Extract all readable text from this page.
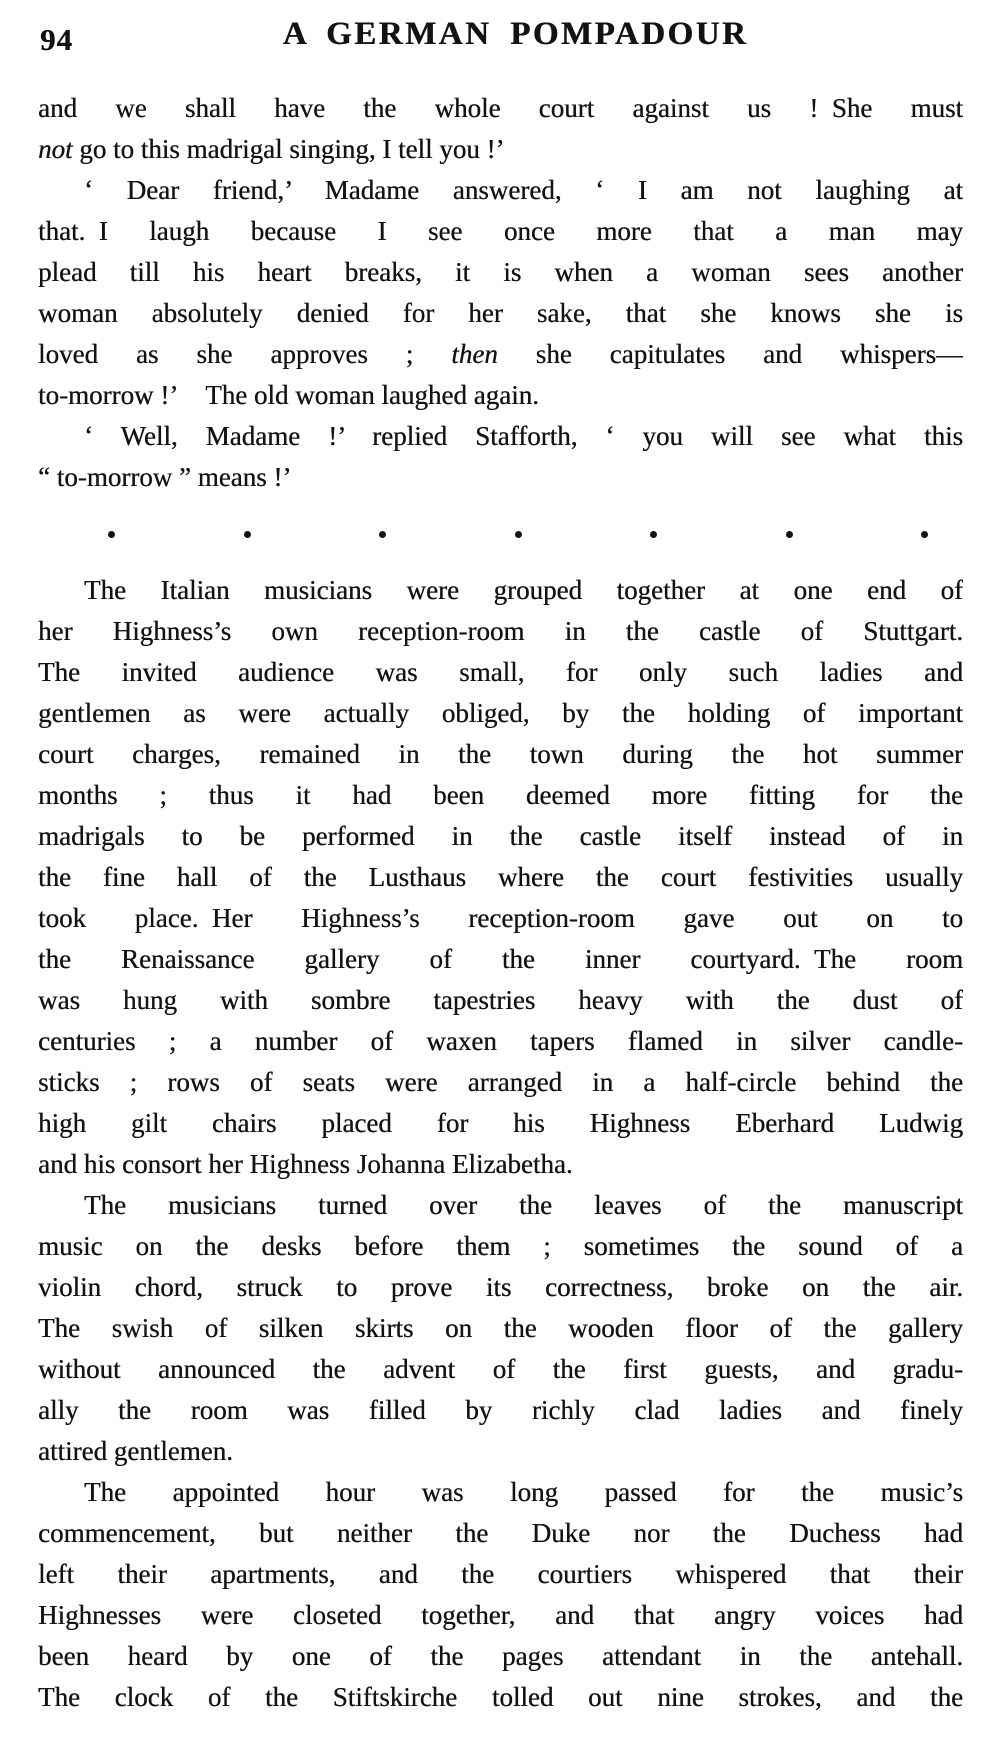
94	A GERMAN POMPADOUR
and we shall have the whole court against us ! She must
not go to this madrigal singing, I tell you !’
‘ Dear friend,’ Madame answered, ‘ I am not laughing at
that. I laugh because I see once more that a man may
plead till his heart breaks, it is when a woman sees another
woman absolutely denied for her sake, that she knows she is
loved as she approves ; then she capitulates and whispers—
to-morrow !’  The old woman laughed again.
‘ Well, Madame !’ replied Stafforth, ‘ you will see what this
“ to-morrow ” means !’
The Italian musicians were grouped together at one end of
her Highness’s own reception-room in the castle of Stuttgart.
The invited audience was small, for only such ladies and
gentlemen as were actually obliged, by the holding of important
court charges, remained in the town during the hot summer
months ; thus it had been deemed more fitting for the
madrigals to be performed in the castle itself instead of in
the fine hall of the Lusthaus where the court festivities usually
took place. Her Highness’s reception-room gave out on to
the Renaissance gallery of the inner courtyard. The room
was hung with sombre tapestries heavy with the dust of
centuries ; a number of waxen tapers flamed in silver candle-
sticks ; rows of seats were arranged in a half-circle behind the
high gilt chairs placed for his Highness Eberhard Ludwig
and his consort her Highness Johanna Elizabetha.
The musicians turned over the leaves of the manuscript
music on the desks before them ; sometimes the sound of a
violin chord, struck to prove its correctness, broke on the air.
The swish of silken skirts on the wooden floor of the gallery
without announced the advent of the first guests, and gradu-
ally the room was filled by richly clad ladies and finely
attired gentlemen.
The appointed hour was long passed for the music’s
commencement, but neither the Duke nor the Duchess had
left their apartments, and the courtiers whispered that their
Highnesses were closeted together, and that angry voices had
been heard by one of the pages attendant in the antehall.
The clock of the Stiftskirche tolled out nine strokes, and the
